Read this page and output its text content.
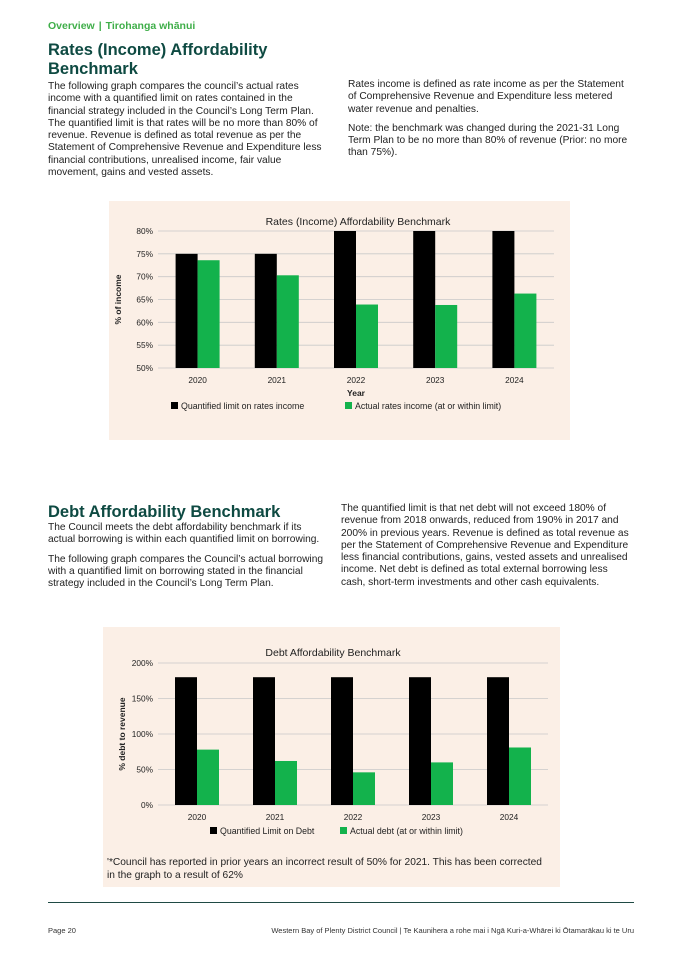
Overview | Tirohanga whānui
Rates (Income) Affordability Benchmark

The following graph compares the council’s actual rates income with a quantified limit on rates contained in the financial strategy included in the Council’s Long Term Plan. The quantified limit is that rates will be no more than 80% of revenue. Revenue is defined as total revenue as per the Statement of Comprehensive Revenue and Expenditure less financial contributions, unrealised income, fair value movement, gains and vested assets.

Rates income is defined as rate income as per the Statement of Comprehensive Revenue and Expenditure less metered water revenue and penalties.

Note: the benchmark was changed during the 2021-31 Long Term Plan to be no more than 80% of revenue (Prior: no more than 75%).

Rates (Income) Affordability Benchmark
50%
55%
60%
65%
70%
75%
80%
2020	2021	2022	2023	2024
% of income
Year
Quantified limit on rates income	Actual rates income (at or within limit)
Debt Affordability Benchmark

The Council meets the debt affordability benchmark if its actual borrowing is within each quantified limit on borrowing.

The following graph compares the Council’s actual borrowing with a quantified limit on borrowing stated in the financial strategy included in the Council’s Long Term Plan.

The quantified limit is that net debt will not exceed 180% of revenue from 2018 onwards, reduced from 190% in 2017 and 200% in previous years. Revenue is defined as total revenue as per the Statement of Comprehensive Revenue and Expenditure less financial contributions, gains, vested assets and unrealised income. Net debt is defined as total external borrowing less cash, short-term investments and other cash equivalents.

Debt Affordability Benchmark
0%
50%
100%
150%
200%
2020	2021	2022	2023	2024
% debt to revenue
Quantified Limit on Debt	Actual debt (at or within limit)
'*Council has reported in prior years an incorrect result of 50% for 2021. This has been corrected in the graph to a result of 62%
Page 20	Western Bay of Plenty District Council | Te Kaunihera a rohe mai i Ngā Kuri-a-Whārei ki Ōtamarākau ki te Uru
